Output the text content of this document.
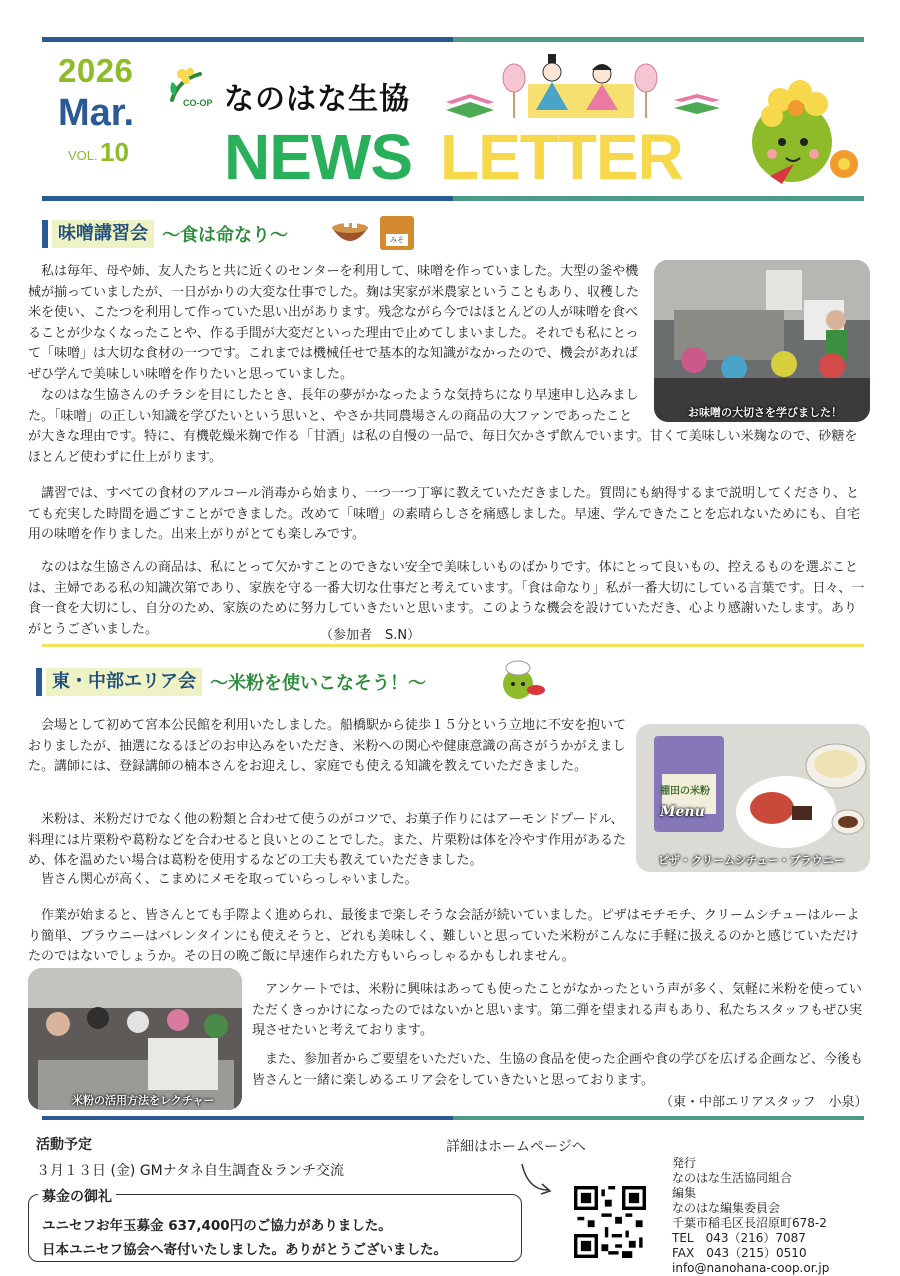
2026
Mar.
VOL. 10
CO-OP なのはな生協
NEWS LETTER
味噌講習会 ～食は命なり～	みそ
私は毎年、母や姉、友人たちと共に近くのセンターを利用して、味噌を作っていました。大型の釜や機械が揃っていましたが、一日がかりの大変な仕事でした。麹は実家が米農家ということもあり、収穫した米を使い、こたつを利用して作っていた思い出があります。残念ながら今ではほとんどの人が味噌を食べることが少なくなったことや、作る手間が大変だといった理由で止めてしまいました。それでも私にとって「味噌」は大切な食材の一つです。これまでは機械任せで基本的な知識がなかったので、機会があればぜひ学んで美味しい味噌を作りたいと思っていました。
なのはな生協さんのチラシを目にしたとき、長年の夢がかなったような気持ちになり早速申し込みました。「味噌」の正しい知識を学びたいという思いと、やさか共同農場さんの商品の大ファンであったことが大きな理由です。特に、有機乾燥米麹で作る「甘酒」は私の自慢の一品で、毎日欠かさず飲んでいます。甘くて美味しい米麹なので、砂糖をほとんど使わずに仕上がります。
講習では、すべての食材のアルコール消毒から始まり、一つ一つ丁寧に教えていただきました。質問にも納得するまで説明してくださり、とても充実した時間を過ごすことができました。改めて「味噌」の素晴らしさを痛感しました。早速、学んできたことを忘れないためにも、自宅用の味噌を作りました。出来上がりがとても楽しみです。
なのはな生協さんの商品は、私にとって欠かすことのできない安全で美味しいものばかりです。体にとって良いもの、控えるものを選ぶことは、主婦である私の知識次第であり、家族を守る一番大切な仕事だと考えています。「食は命なり」私が一番大切にしている言葉です。日々、一食一食を大切にし、自分のため、家族のために努力していきたいと思います。このような機会を設けていただき、心より感謝いたします。ありがとうございました。	（参加者　S.N）
お味噌の大切さを学びました！
東・中部エリア会 ～米粉を使いこなそう！～
会場として初めて宮本公民館を利用いたしました。船橋駅から徒歩１５分という立地に不安を抱いておりましたが、抽選になるほどのお申込みをいただき、米粉への関心や健康意識の高さがうかがえました。講師には、登録講師の楠本さんをお迎えし、家庭でも使える知識を教えていただきました。
米粉は、米粉だけでなく他の粉類と合わせて使うのがコツで、お菓子作りにはアーモンドプードル、料理には片栗粉や葛粉などを合わせると良いとのことでした。また、片栗粉は体を冷やす作用があるため、体を温めたい場合は葛粉を使用するなどの工夫も教えていただきました。
皆さん関心が高く、こまめにメモを取っていらっしゃいました。
作業が始まると、皆さんとても手際よく進められ、最後まで楽しそうな会話が続いていました。ピザはモチモチ、クリームシチューはルーより簡単、ブラウニーはバレンタインにも使えそうと、どれも美味しく、難しいと思っていた米粉がこんなに手軽に扱えるのかと感じていただけたのではないでしょうか。その日の晩ご飯に早速作られた方もいらっしゃるかもしれません。
アンケートでは、米粉に興味はあっても使ったことがなかったという声が多く、気軽に米粉を使っていただくきっかけになったのではないかと思います。第二弾を望まれる声もあり、私たちスタッフもぜひ実現させたいと考えております。
また、参加者からご要望をいただいた、生協の食品を使った企画や食の学びを広げる企画など、今後も皆さんと一緒に楽しめるエリア会をしていきたいと思っております。
（東・中部エリアスタッフ　小泉）
Menu
棚田の米粉
ピザ・クリームシチュー・ブラウニー
米粉の活用方法をレクチャー
活動予定
３月１３日 (金) GMナタネ自生調査＆ランチ交流
募金の御礼
ユニセフお年玉募金 637,400円のご協力がありました。
日本ユニセフ協会へ寄付いたしました。ありがとうございました。
詳細はホームページへ
発行
なのはな生活協同組合
編集
なのはな編集委員会
千葉市稲毛区長沼原町678-2
TEL　043（216）7087
FAX　043（215）0510
info@nanohana-coop.or.jp
